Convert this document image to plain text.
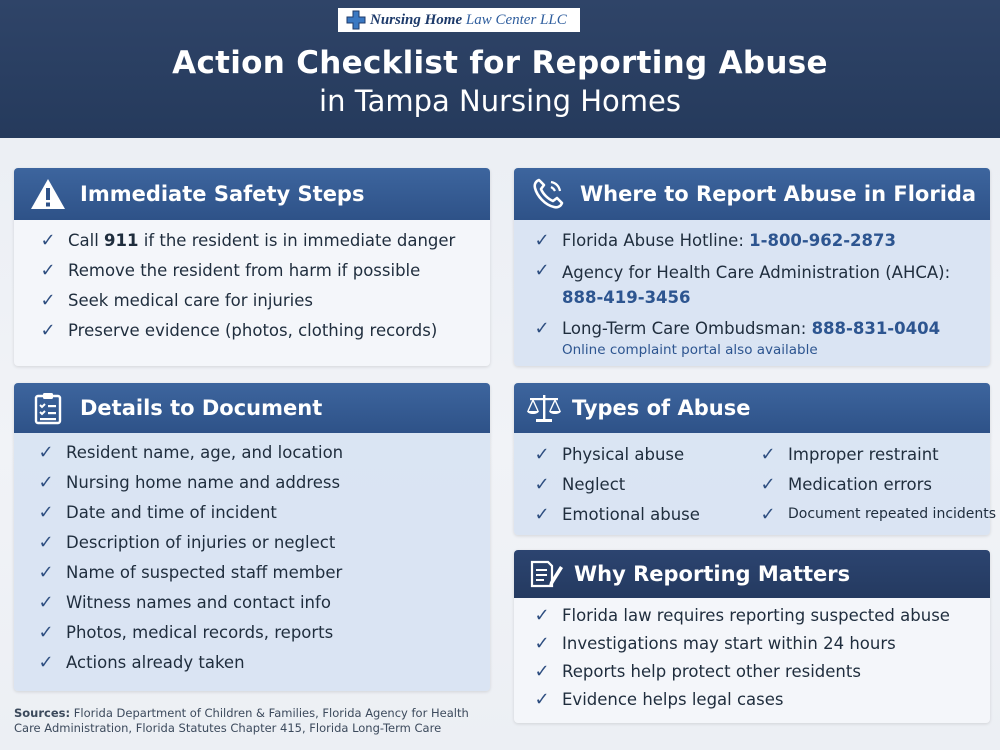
Nursing Home Law Center LLC
Action Checklist for Reporting Abuse
in Tampa Nursing Homes
Immediate Safety Steps
✓ Call 911 if the resident is in immediate danger
✓ Remove the resident from harm if possible
✓ Seek medical care for injuries
✓ Preserve evidence (photos, clothing records)
Where to Report Abuse in Florida
✓ Florida Abuse Hotline: 1-800-962-2873
✓ Agency for Health Care Administration (AHCA):
888-419-3456
✓ Long-Term Care Ombudsman: 888-831-0404
Online complaint portal also available
Details to Document
✓ Resident name, age, and location
✓ Nursing home name and address
✓ Date and time of incident
✓ Description of injuries or neglect
✓ Name of suspected staff member
✓ Witness names and contact info
✓ Photos, medical records, reports
✓ Actions already taken
Types of Abuse
✓ Physical abuse	✓ Improper restraint
✓ Neglect	✓ Medication errors
✓ Emotional abuse	✓ Document repeated incidents
Why Reporting Matters
✓ Florida law requires reporting suspected abuse
✓ Investigations may start within 24 hours
✓ Reports help protect other residents
✓ Evidence helps legal cases
Sources: Florida Department of Children & Families, Florida Agency for Health Care Administration, Florida Statutes Chapter 415, Florida Long-Term Care
